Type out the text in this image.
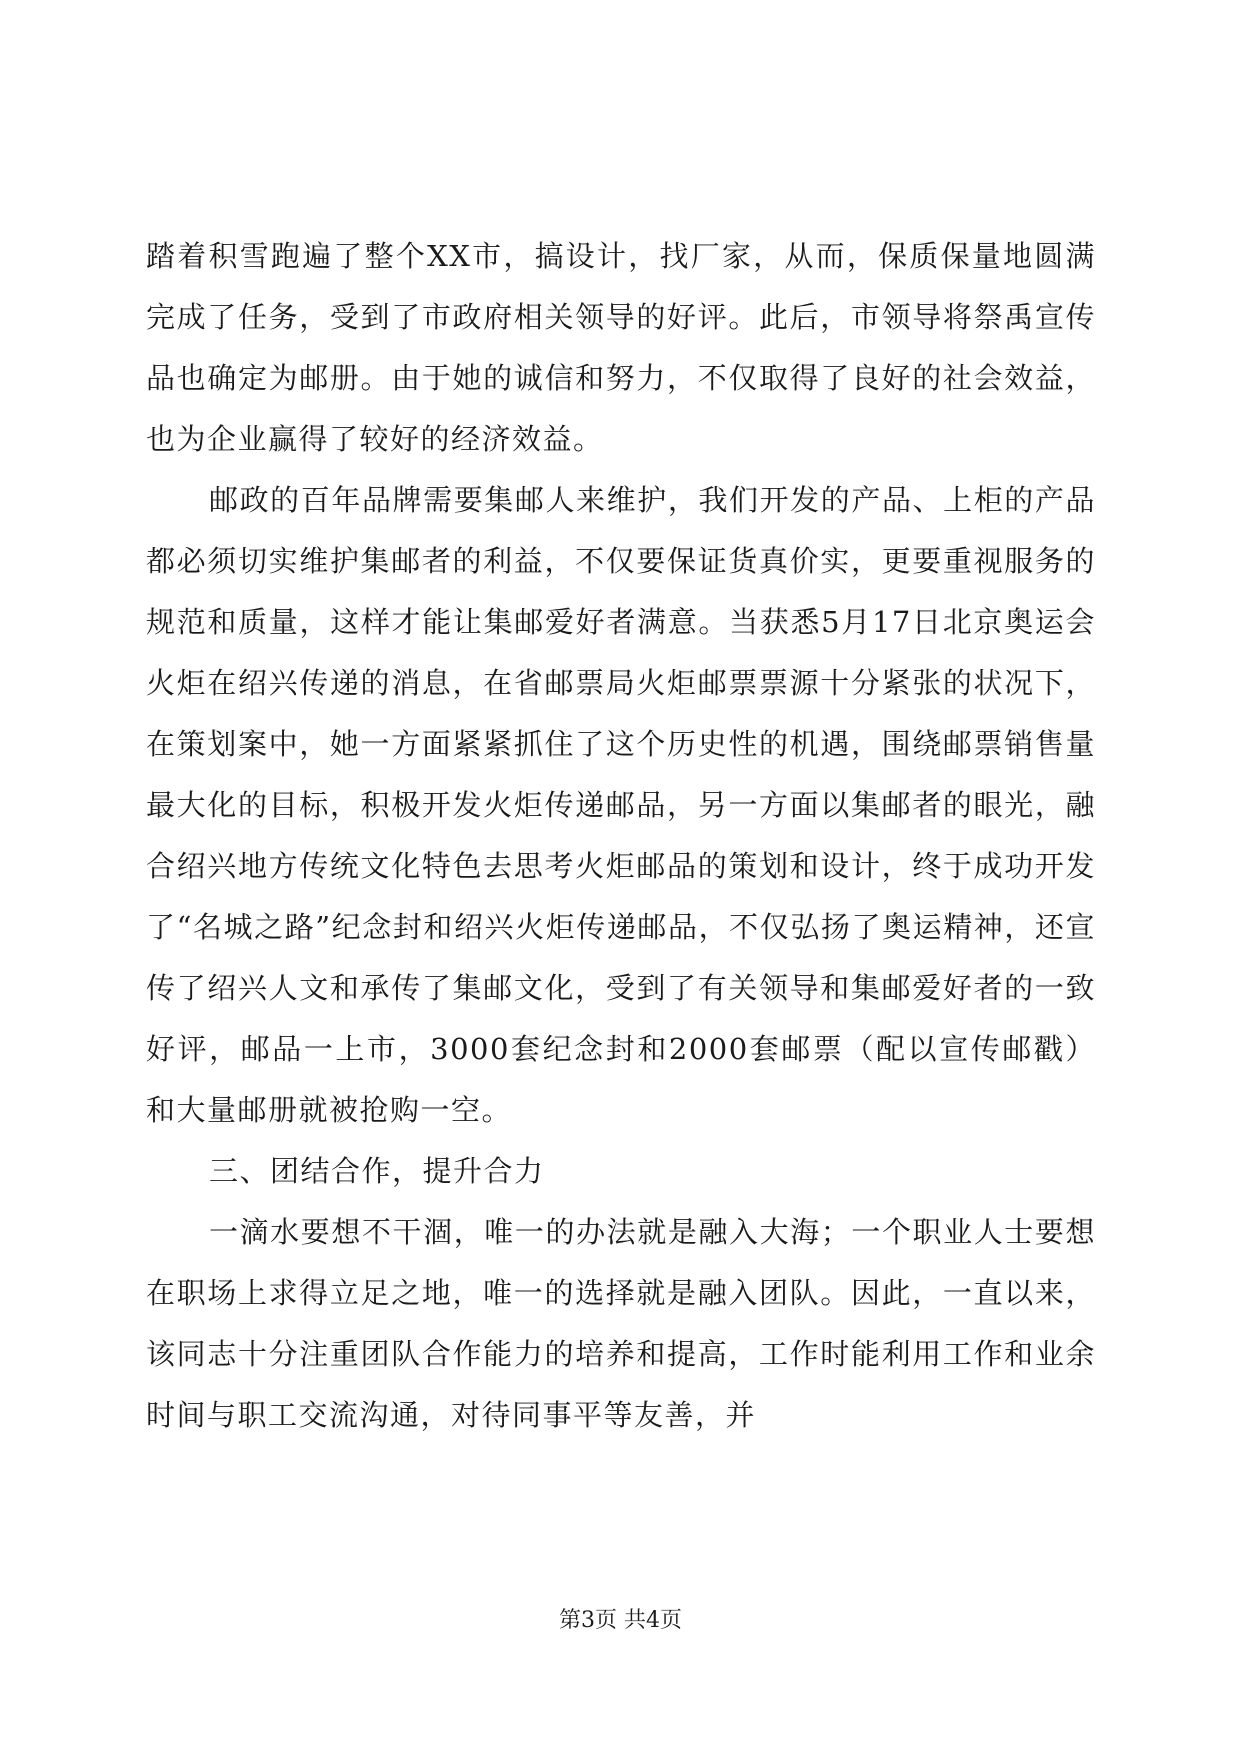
踏着积雪跑遍了整个XX市，搞设计，找厂家，从而，保质保量地圆满完成了任务，受到了市政府相关领导的好评。此后，市领导将祭禹宣传品也确定为邮册。由于她的诚信和努力，不仅取得了良好的社会效益，也为企业赢得了较好的经济效益。

邮政的百年品牌需要集邮人来维护，我们开发的产品、上柜的产品都必须切实维护集邮者的利益，不仅要保证货真价实，更要重视服务的规范和质量，这样才能让集邮爱好者满意。当获悉5月17日北京奥运会火炬在绍兴传递的消息，在省邮票局火炬邮票票源十分紧张的状况下，在策划案中，她一方面紧紧抓住了这个历史性的机遇，围绕邮票销售量最大化的目标，积极开发火炬传递邮品，另一方面以集邮者的眼光，融合绍兴地方传统文化特色去思考火炬邮品的策划和设计，终于成功开发了“名城之路”纪念封和绍兴火炬传递邮品，不仅弘扬了奥运精神，还宣传了绍兴人文和承传了集邮文化，受到了有关领导和集邮爱好者的一致好评，邮品一上市，3000套纪念封和2000套邮票（配以宣传邮戳）和大量邮册就被抢购一空。

三、团结合作，提升合力

一滴水要想不干涸，唯一的办法就是融入大海；一个职业人士要想在职场上求得立足之地，唯一的选择就是融入团队。因此，一直以来，该同志十分注重团队合作能力的培养和提高，工作时能利用工作和业余时间与职工交流沟通，对待同事平等友善，并

第3页 共4页
